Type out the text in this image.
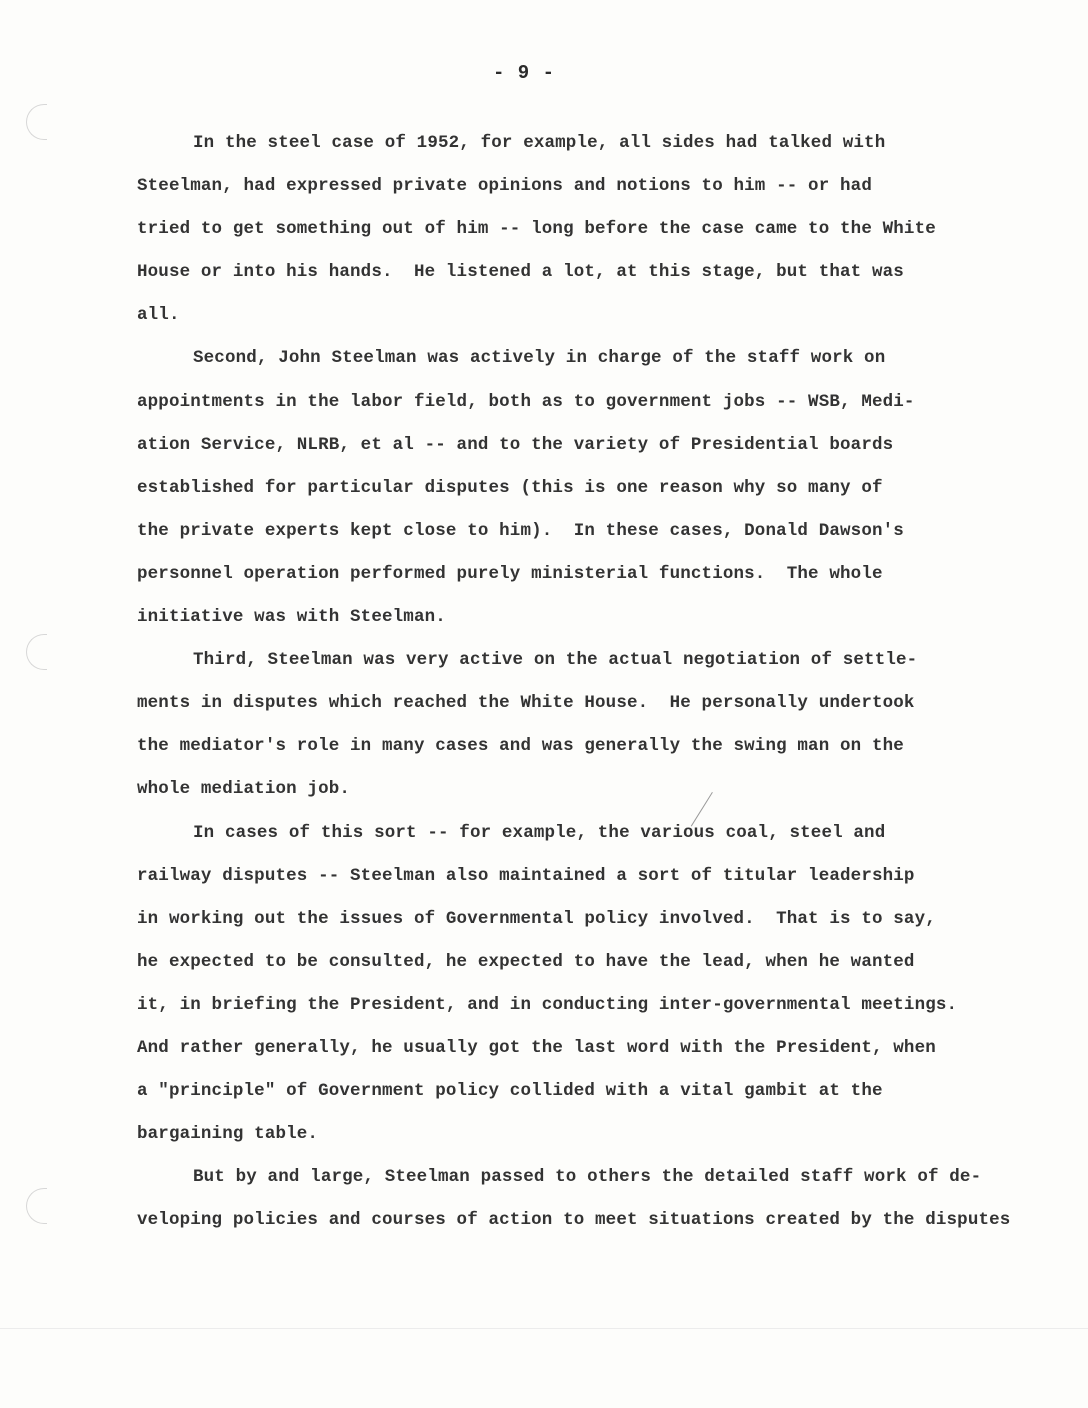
- 9 -
In the steel case of 1952, for example, all sides had talked with
Steelman, had expressed private opinions and notions to him -- or had
tried to get something out of him -- long before the case came to the White
House or into his hands.  He listened a lot, at this stage, but that was
all.
Second, John Steelman was actively in charge of the staff work on
appointments in the labor field, both as to government jobs -- WSB, Medi-
ation Service, NLRB, et al -- and to the variety of Presidential boards
established for particular disputes (this is one reason why so many of
the private experts kept close to him).  In these cases, Donald Dawson's
personnel operation performed purely ministerial functions.  The whole
initiative was with Steelman.
Third, Steelman was very active on the actual negotiation of settle-
ments in disputes which reached the White House.  He personally undertook
the mediator's role in many cases and was generally the swing man on the
whole mediation job.
In cases of this sort -- for example, the various coal, steel and
railway disputes -- Steelman also maintained a sort of titular leadership
in working out the issues of Governmental policy involved.  That is to say,
he expected to be consulted, he expected to have the lead, when he wanted
it, in briefing the President, and in conducting inter-governmental meetings.
And rather generally, he usually got the last word with the President, when
a "principle" of Government policy collided with a vital gambit at the
bargaining table.
But by and large, Steelman passed to others the detailed staff work of de-
veloping policies and courses of action to meet situations created by the disputes
